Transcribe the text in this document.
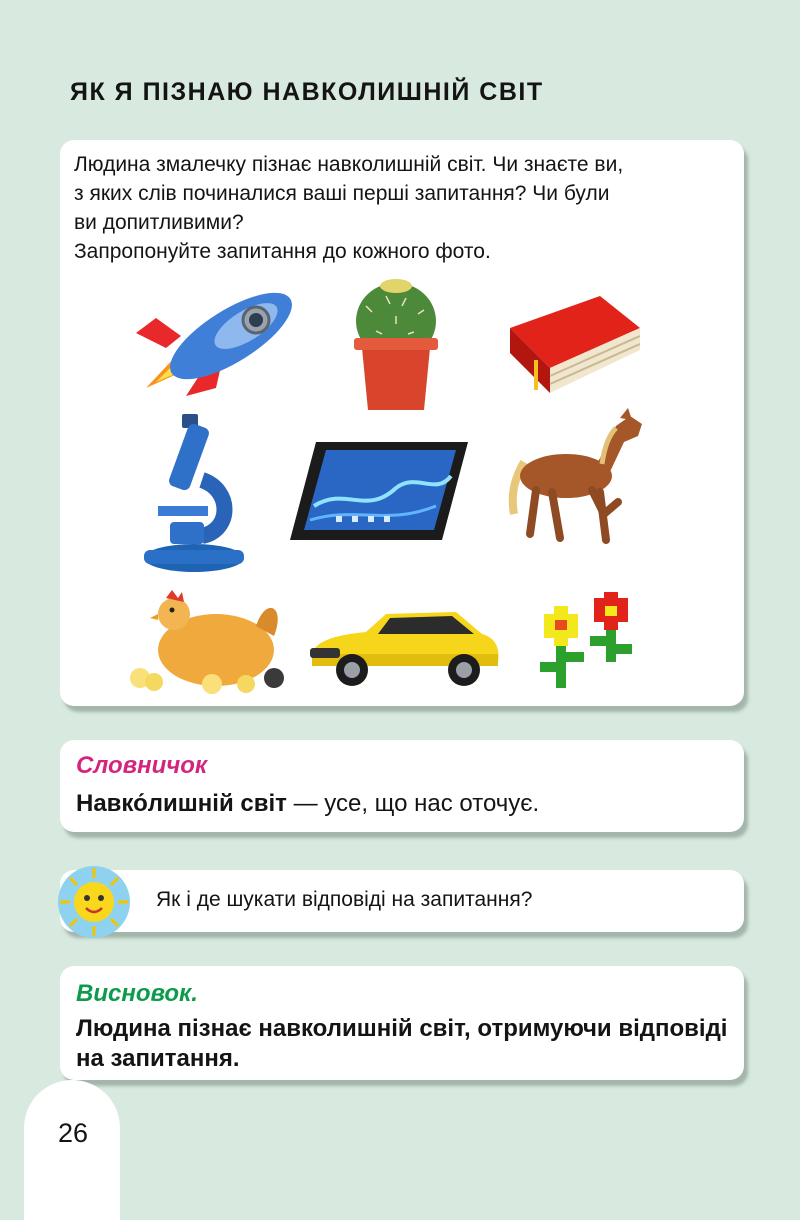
ЯК Я ПІЗНАЮ НАВКОЛИШНІЙ СВІТ

Людина змалечку пізнає навколишній світ. Чи знаєте ви,
з яких слів починалися ваші перші запитання? Чи були
ви допитливими?
Запропонуйте запитання до кожного фото.

Словничок

Навко́лишній світ — усе, що нас оточує.

Як і де шукати відповіді на запитання?

Висновок.

Людина пізнає навколишній світ, отримуючи відповіді на запитання.

26
